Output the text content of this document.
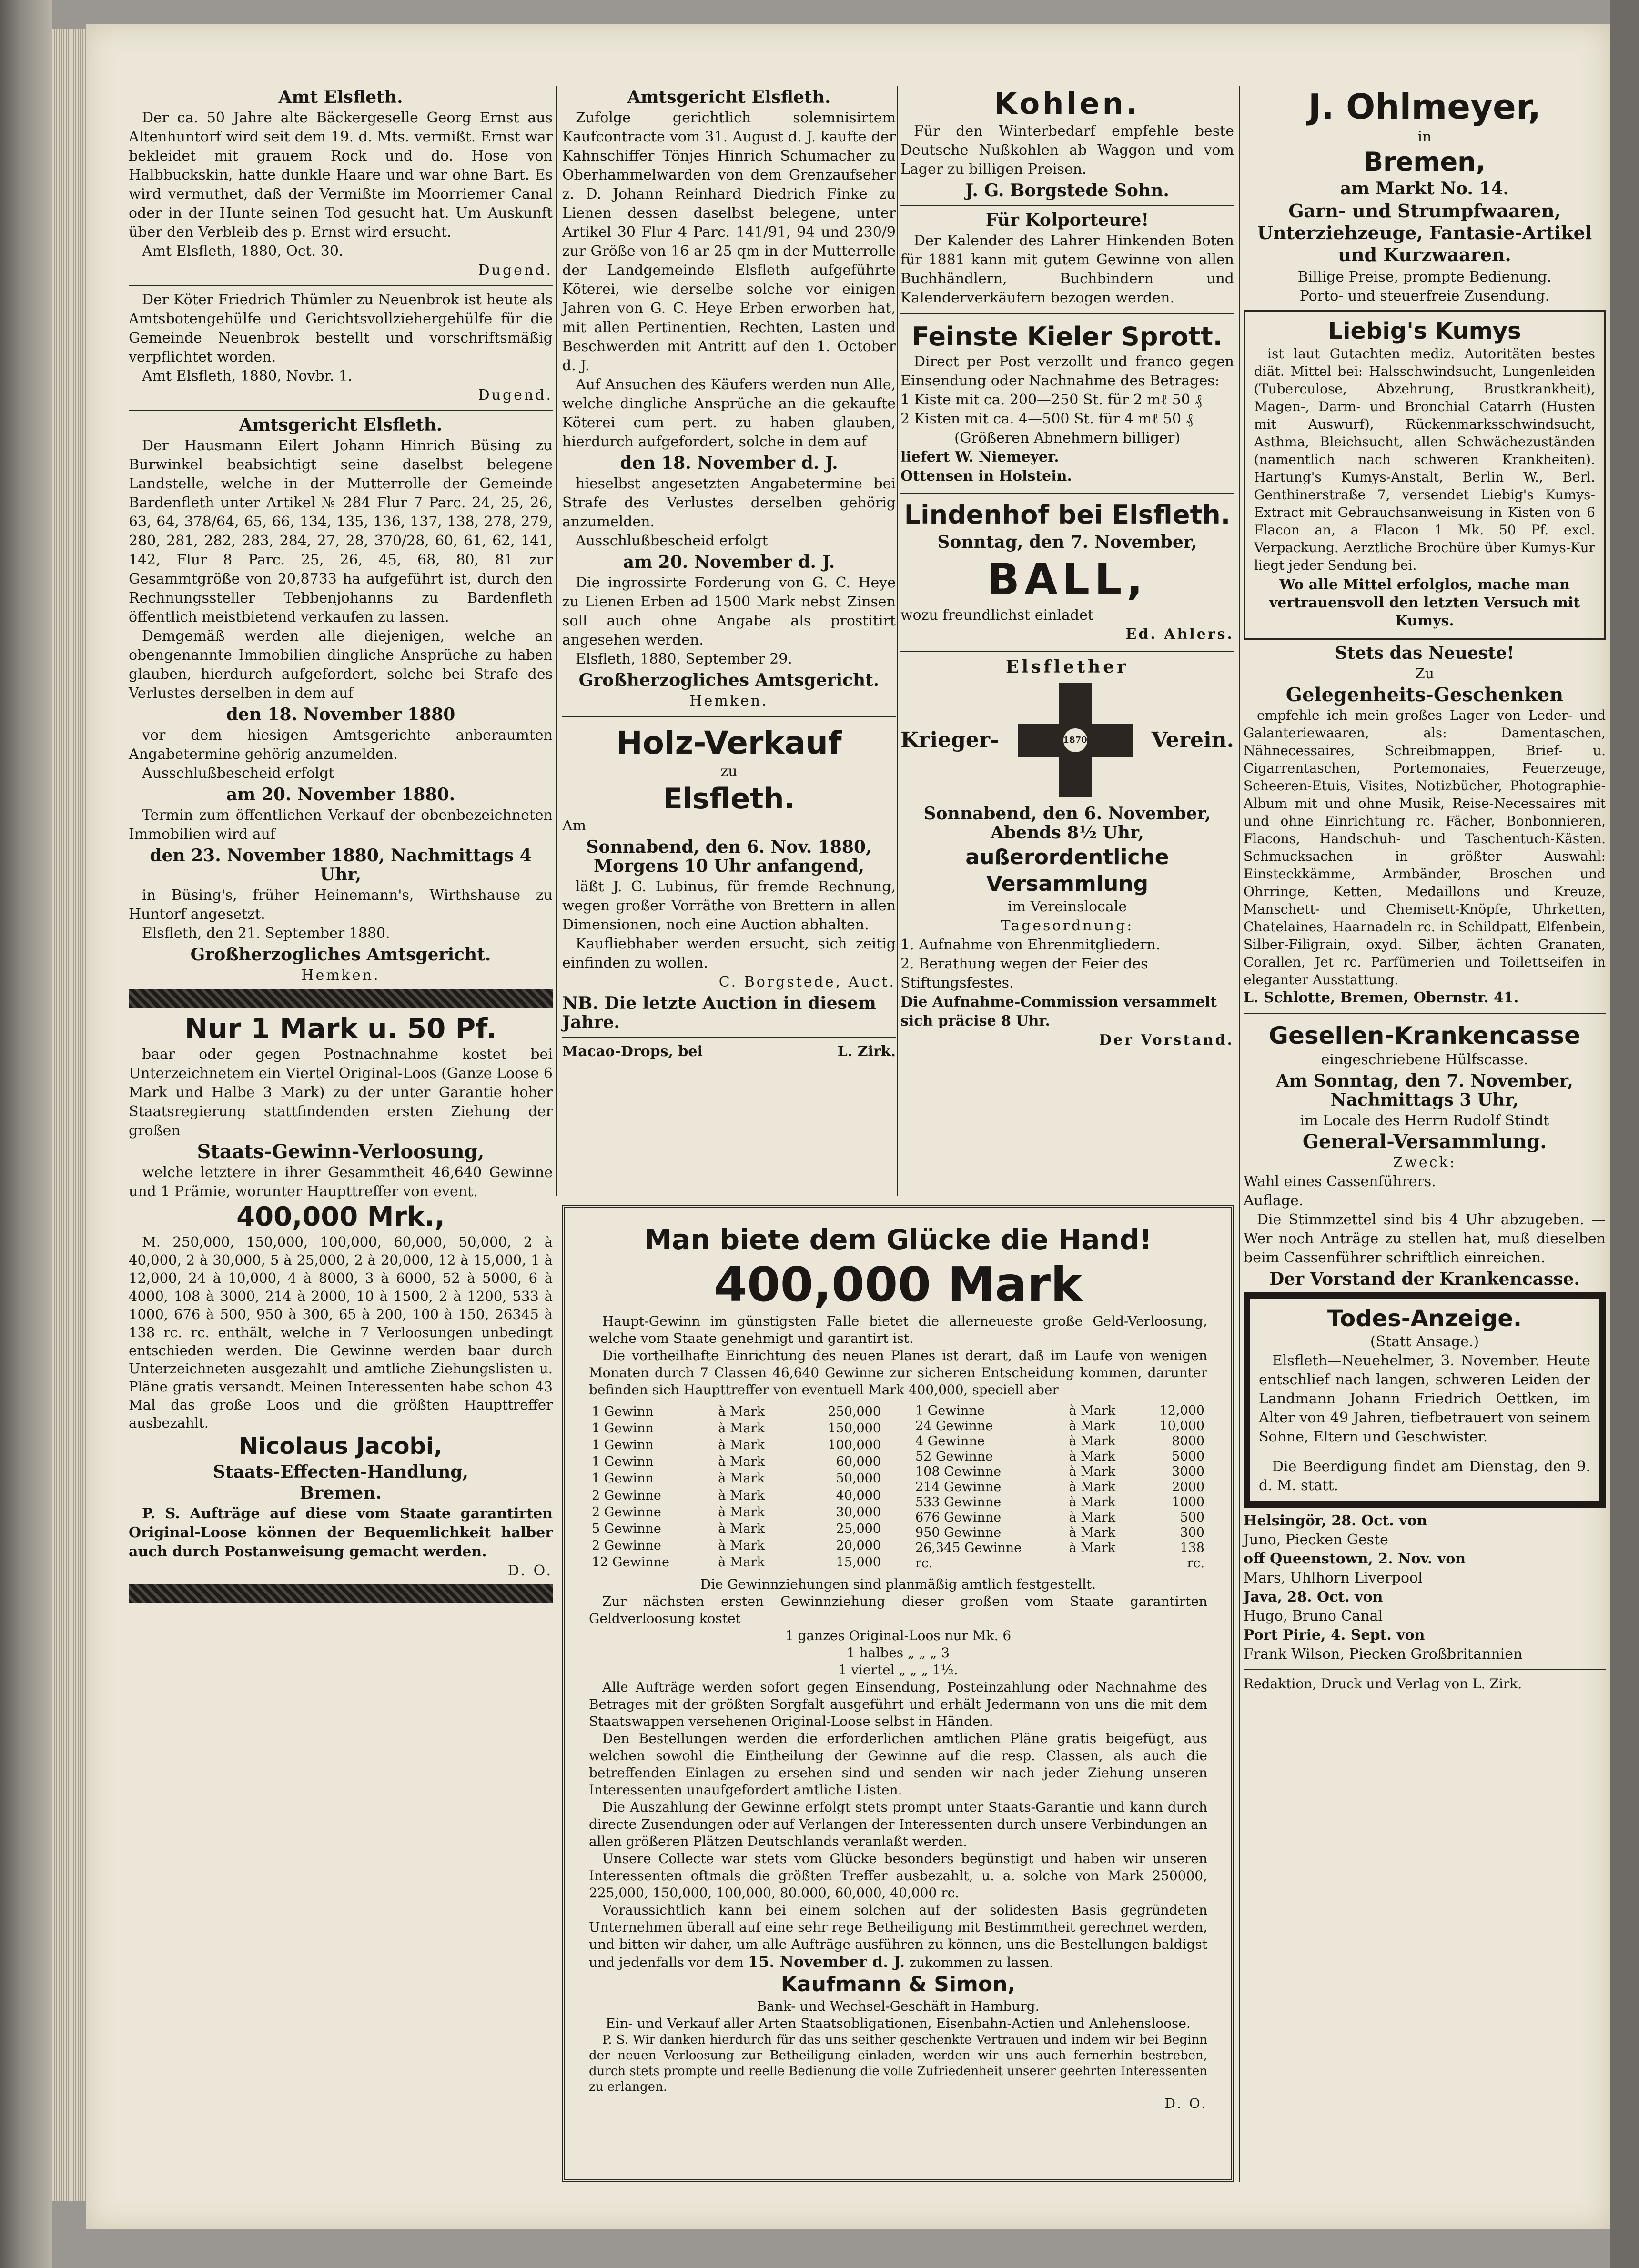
Amt Elsfleth.

Der ca. 50 Jahre alte Bäckergeselle Georg Ernst aus Altenhuntorf wird seit dem 19. d. Mts. vermißt. Ernst war bekleidet mit grauem Rock und do. Hose von Halbbuckskin, hatte dunkle Haare und war ohne Bart. Es wird vermuthet, daß der Vermißte im Moorriemer Canal oder in der Hunte seinen Tod gesucht hat. Um Auskunft über den Verbleib des p. Ernst wird ersucht.

Amt Elsfleth, 1880, Oct. 30.

Dugend.

Der Köter Friedrich Thümler zu Neuenbrok ist heute als Amtsbotengehülfe und Gerichtsvollziehergehülfe für die Gemeinde Neuenbrok bestellt und vorschriftsmäßig verpflichtet worden.

Amt Elsfleth, 1880, Novbr. 1.

Dugend.

Amtsgericht Elsfleth.

Der Hausmann Eilert Johann Hinrich Büsing zu Burwinkel beabsichtigt seine daselbst belegene Landstelle, welche in der Mutterrolle der Gemeinde Bardenfleth unter Artikel № 284 Flur 7 Parc. 24, 25, 26, 63, 64, 378/64, 65, 66, 134, 135, 136, 137, 138, 278, 279, 280, 281, 282, 283, 284, 27, 28, 370/28, 60, 61, 62, 141, 142, Flur 8 Parc. 25, 26, 45, 68, 80, 81 zur Gesammtgröße von 20,8733 ha aufgeführt ist, durch den Rechnungssteller Tebbenjohanns zu Bardenfleth öffentlich meistbietend verkaufen zu lassen.

Demgemäß werden alle diejenigen, welche an obengenannte Immobilien dingliche Ansprüche zu haben glauben, hierdurch aufgefordert, solche bei Strafe des Verlustes derselben in dem auf

den 18. November 1880

vor dem hiesigen Amtsgerichte anberaumten Angabetermine gehörig anzumelden.

Ausschlußbescheid erfolgt

am 20. November 1880.

Termin zum öffentlichen Verkauf der obenbezeichneten Immobilien wird auf

den 23. November 1880, Nachmittags 4 Uhr,

in Büsing's, früher Heinemann's, Wirthshause zu Huntorf angesetzt.

Elsfleth, den 21. September 1880.

Großherzogliches Amtsgericht.

Hemken.

Nur 1 Mark u. 50 Pf.

baar oder gegen Postnachnahme kostet bei Unterzeichnetem ein Viertel Original-Loos (Ganze Loose 6 Mark und Halbe 3 Mark) zu der unter Garantie hoher Staatsregierung stattfindenden ersten Ziehung der großen

Staats-Gewinn-Verloosung,

welche letztere in ihrer Gesammtheit 46,640 Gewinne und 1 Prämie, worunter Haupttreffer von event.

400,000 Mrk.,

M. 250,000, 150,000, 100,000, 60,000, 50,000, 2 à 40,000, 2 à 30,000, 5 à 25,000, 2 à 20,000, 12 à 15,000, 1 à 12,000, 24 à 10,000, 4 à 8000, 3 à 6000, 52 à 5000, 6 à 4000, 108 à 3000, 214 à 2000, 10 à 1500, 2 à 1200, 533 à 1000, 676 à 500, 950 à 300, 65 à 200, 100 à 150, 26345 à 138 rc. rc. enthält, welche in 7 Verloosungen unbedingt entschieden werden. Die Gewinne werden baar durch Unterzeichneten ausgezahlt und amtliche Ziehungslisten u. Pläne gratis versandt. Meinen Interessenten habe schon 43 Mal das große Loos und die größten Haupttreffer ausbezahlt.

Nicolaus Jacobi,
Staats-Effecten-Handlung,
Bremen.

P. S. Aufträge auf diese vom Staate garantirten Original-Loose können der Bequemlichkeit halber auch durch Postanweisung gemacht werden.

D. O.

Amtsgericht Elsfleth.

Zufolge gerichtlich solemnisirtem Kaufcontracte vom 31. August d. J. kaufte der Kahnschiffer Tönjes Hinrich Schumacher zu Oberhammelwarden von dem Grenzaufseher z. D. Johann Reinhard Diedrich Finke zu Lienen dessen daselbst belegene, unter Artikel 30 Flur 4 Parc. 141/91, 94 und 230/9 zur Größe von 16 ar 25 qm in der Mutterrolle der Landgemeinde Elsfleth aufgeführte Köterei, wie derselbe solche vor einigen Jahren von G. C. Heye Erben erworben hat, mit allen Pertinentien, Rechten, Lasten und Beschwerden mit Antritt auf den 1. October d. J.

Auf Ansuchen des Käufers werden nun Alle, welche dingliche Ansprüche an die gekaufte Köterei cum pert. zu haben glauben, hierdurch aufgefordert, solche in dem auf

den 18. November d. J.

hieselbst angesetzten Angabetermine bei Strafe des Verlustes derselben gehörig anzumelden.

Ausschlußbescheid erfolgt

am 20. November d. J.

Die ingrossirte Forderung von G. C. Heye zu Lienen Erben ad 1500 Mark nebst Zinsen soll auch ohne Angabe als prostitirt angesehen werden.

Elsfleth, 1880, September 29.

Großherzogliches Amtsgericht.

Hemken.

Holz-Verkauf
zu
Elsfleth.

Am

Sonnabend, den 6. Nov. 1880, Morgens 10 Uhr anfangend,

läßt J. G. Lubinus, für fremde Rechnung, wegen großer Vorräthe von Brettern in allen Dimensionen, noch eine Auction abhalten.

Kaufliebhaber werden ersucht, sich zeitig einfinden zu wollen.

C. Borgstede, Auct.

NB. Die letzte Auction in diesem Jahre.
Macao-Drops, bei	L. Zirk.
Kohlen.

Für den Winterbedarf empfehle beste Deutsche Nußkohlen ab Waggon und vom Lager zu billigen Preisen.

J. G. Borgstede Sohn.
Für Kolporteure!

Der Kalender des Lahrer Hinkenden Boten für 1881 kann mit gutem Gewinne von allen Buchhändlern, Buchbindern und Kalenderverkäufern bezogen werden.

Feinste Kieler Sprott.

Direct per Post verzollt und franco gegen Einsendung oder Nachnahme des Betrages:

1 Kiste mit ca. 200—250 St. für 2 mℓ 50 ₰

2 Kisten mit ca. 4—500 St. für 4 mℓ 50 ₰

(Größeren Abnehmern billiger)

liefert W. Niemeyer.

Ottensen in Holstein.

Lindenhof bei Elsfleth.
Sonntag, den 7. November,
BALL,

wozu freundlichst einladet

Ed. Ahlers.

Elsflether
Krieger-	1870	Verein.
Sonnabend, den 6. November, Abends 8½ Uhr,
außerordentliche Versammlung

im Vereinslocale

Tagesordnung:

1. Aufnahme von Ehrenmitgliedern.

2. Berathung wegen der Feier des Stiftungsfestes.

Die Aufnahme-Commission versammelt sich präcise 8 Uhr.

Der Vorstand.

J. Ohlmeyer,
in
Bremen,
am Markt No. 14.
Garn- und Strumpfwaaren, Unterziehzeuge, Fantasie-Artikel und Kurzwaaren.

Billige Preise, prompte Bedienung.

Porto- und steuerfreie Zusendung.

Liebig's Kumys

ist laut Gutachten mediz. Autoritäten bestes diät. Mittel bei: Halsschwindsucht, Lungenleiden (Tuberculose, Abzehrung, Brustkrankheit), Magen-, Darm- und Bronchial Catarrh (Husten mit Auswurf), Rückenmarksschwindsucht, Asthma, Bleichsucht, allen Schwächezuständen (namentlich nach schweren Krankheiten). Hartung's Kumys-Anstalt, Berlin W., Berl. Genthinerstraße 7, versendet Liebig's Kumys-Extract mit Gebrauchsanweisung in Kisten von 6 Flacon an, a Flacon 1 Mk. 50 Pf. excl. Verpackung. Aerztliche Brochüre über Kumys-Kur liegt jeder Sendung bei.

Wo alle Mittel erfolglos, mache man vertrauensvoll den letzten Versuch mit Kumys.
Stets das Neueste!
Zu
Gelegenheits-Geschenken

empfehle ich mein großes Lager von Leder- und Galanteriewaaren, als: Damentaschen, Nähnecessaires, Schreibmappen, Brief- u. Cigarrentaschen, Portemonaies, Feuerzeuge, Scheeren-Etuis, Visites, Notizbücher, Photographie-Album mit und ohne Musik, Reise-Necessaires mit und ohne Einrichtung rc. Fächer, Bonbonnieren, Flacons, Handschuh- und Taschentuch-Kästen. Schmucksachen in größter Auswahl: Einsteckkämme, Armbänder, Broschen und Ohrringe, Ketten, Medaillons und Kreuze, Manschett- und Chemisett-Knöpfe, Uhrketten, Chatelaines, Haarnadeln rc. in Schildpatt, Elfenbein, Silber-Filigrain, oxyd. Silber, ächten Granaten, Corallen, Jet rc. Parfümerien und Toilettseifen in eleganter Ausstattung.

L. Schlotte, Bremen, Obernstr. 41.

Gesellen-Krankencasse

eingeschriebene Hülfscasse.

Am Sonntag, den 7. November, Nachmittags 3 Uhr,

im Locale des Herrn Rudolf Stindt

General-Versammlung.

Zweck:

Wahl eines Cassenführers.

Auflage.

Die Stimmzettel sind bis 4 Uhr abzugeben. — Wer noch Anträge zu stellen hat, muß dieselben beim Cassenführer schriftlich einreichen.

Der Vorstand der Krankencasse.
Todes-Anzeige.

(Statt Ansage.)

Elsfleth—Neuehelmer, 3. November. Heute entschlief nach langen, schweren Leiden der Landmann Johann Friedrich Oettken, im Alter von 49 Jahren, tiefbetrauert von seinem Sohne, Eltern und Geschwister.

Die Beerdigung findet am Dienstag, den 9. d. M. statt.

Helsingör, 28. Oct. von

Juno, Piecken Geste

off Queenstown, 2. Nov. von

Mars, Uhlhorn Liverpool

Java, 28. Oct. von

Hugo, Bruno Canal

Port Pirie, 4. Sept. von

Frank Wilson, Piecken Großbritannien

Redaktion, Druck und Verlag von L. Zirk.

Man biete dem Glücke die Hand!
400,000 Mark

Haupt-Gewinn im günstigsten Falle bietet die allerneueste große Geld-Verloosung, welche vom Staate genehmigt und garantirt ist.

Die vortheilhafte Einrichtung des neuen Planes ist derart, daß im Laufe von wenigen Monaten durch 7 Classen 46,640 Gewinne zur sicheren Entscheidung kommen, darunter befinden sich Haupttreffer von eventuell Mark 400,000, speciell aber

1 Gewinn	à Mark	250,000
1 Gewinn	à Mark	150,000
1 Gewinn	à Mark	100,000
1 Gewinn	à Mark	60,000
1 Gewinn	à Mark	50,000
2 Gewinne	à Mark	40,000
2 Gewinne	à Mark	30,000
5 Gewinne	à Mark	25,000
2 Gewinne	à Mark	20,000
12 Gewinne	à Mark	15,000
1 Gewinne	à Mark	12,000
24 Gewinne	à Mark	10,000
4 Gewinne	à Mark	8000
52 Gewinne	à Mark	5000
108 Gewinne	à Mark	3000
214 Gewinne	à Mark	2000
533 Gewinne	à Mark	1000
676 Gewinne	à Mark	500
950 Gewinne	à Mark	300
26,345 Gewinne	à Mark	138
rc.		rc.

Die Gewinnziehungen sind planmäßig amtlich festgestellt.

Zur nächsten ersten Gewinnziehung dieser großen vom Staate garantirten Geldverloosung kostet

1 ganzes Original-Loos nur Mk. 6

1 halbes „ „ „ 3

1 viertel „ „ „ 1½.

Alle Aufträge werden sofort gegen Einsendung, Posteinzahlung oder Nachnahme des Betrages mit der größten Sorgfalt ausgeführt und erhält Jedermann von uns die mit dem Staatswappen versehenen Original-Loose selbst in Händen.

Den Bestellungen werden die erforderlichen amtlichen Pläne gratis beigefügt, aus welchen sowohl die Eintheilung der Gewinne auf die resp. Classen, als auch die betreffenden Einlagen zu ersehen sind und senden wir nach jeder Ziehung unseren Interessenten unaufgefordert amtliche Listen.

Die Auszahlung der Gewinne erfolgt stets prompt unter Staats-Garantie und kann durch directe Zusendungen oder auf Verlangen der Interessenten durch unsere Verbindungen an allen größeren Plätzen Deutschlands veranlaßt werden.

Unsere Collecte war stets vom Glücke besonders begünstigt und haben wir unseren Interessenten oftmals die größten Treffer ausbezahlt, u. a. solche von Mark 250000, 225,000, 150,000, 100,000, 80.000, 60,000, 40,000 rc.

Voraussichtlich kann bei einem solchen auf der solidesten Basis gegründeten Unternehmen überall auf eine sehr rege Betheiligung mit Bestimmtheit gerechnet werden, und bitten wir daher, um alle Aufträge ausführen zu können, uns die Bestellungen baldigst und jedenfalls vor dem 15. November d. J. zukommen zu lassen.

Kaufmann & Simon,

Bank- und Wechsel-Geschäft in Hamburg.

Ein- und Verkauf aller Arten Staatsobligationen, Eisenbahn-Actien und Anlehensloose.

P. S. Wir danken hierdurch für das uns seither geschenkte Vertrauen und indem wir bei Beginn der neuen Verloosung zur Betheiligung einladen, werden wir uns auch fernerhin bestreben, durch stets prompte und reelle Bedienung die volle Zufriedenheit unserer geehrten Interessenten zu erlangen.

D. O.
